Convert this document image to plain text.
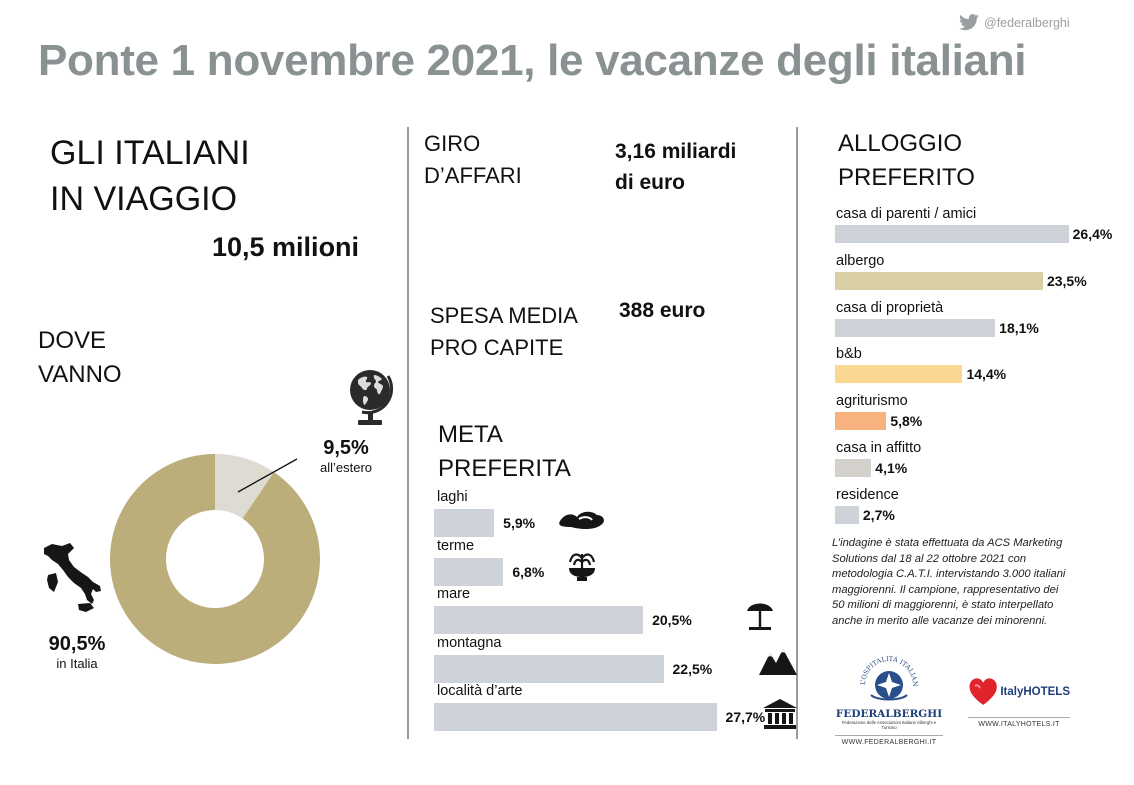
@federalberghi
Ponte 1 novembre 2021, le vacanze degli italiani
GLI ITALIANI
IN VIAGGIO
10,5 milioni
DOVE
VANNO
9,5%
all’estero
90,5%
in Italia
GIRO
D’AFFARI
3,16 miliardi
di euro
SPESA MEDIA
PRO CAPITE
388 euro
META
PREFERITA
laghi
5,9%
terme
6,8%
mare
20,5%
montagna
22,5%
località d’arte
27,7%
ALLOGGIO
PREFERITO
casa di parenti / amici
26,4%
albergo
23,5%
casa di proprietà
18,1%
b&b
14,4%
agriturismo
5,8%
casa in affitto
4,1%
residence
2,7%
L’indagine è stata effettuata da ACS Marketing Solutions dal 18 al 22 ottobre 2021 con metodologia C.A.T.I. intervistando 3.000 italiani maggiorenni. Il campione, rappresentativo dei 50 milioni di maggiorenni, è stato interpellato anche in merito alle vacanze dei minorenni.
L’OSPITALITÀ ITALIAN
FEDERALBERGHI
Federazione delle Associazioni Italiane Alberghi e Turismo
WWW.FEDERALBERGHI.IT
ItalyHOTELS
WWW.ITALYHOTELS.IT
